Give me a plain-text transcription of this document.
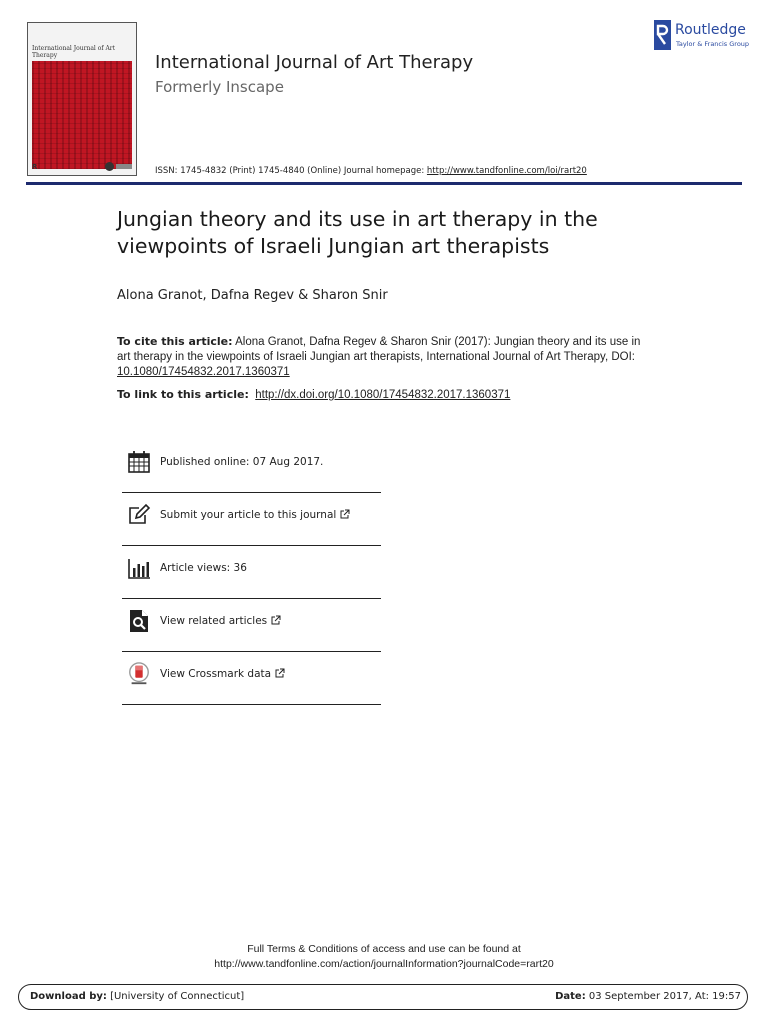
International Journal of Art Therapy
R
International Journal of Art Therapy
Formerly Inscape
ISSN: 1745-4832 (Print) 1745-4840 (Online) Journal homepage: http://www.tandfonline.com/loi/rart20
Routledge
Taylor & Francis Group
Jungian theory and its use in art therapy in the viewpoints of Israeli Jungian art therapists
Alona Granot, Dafna Regev & Sharon Snir
To cite this article: Alona Granot, Dafna Regev & Sharon Snir (2017): Jungian theory and its use in art therapy in the viewpoints of Israeli Jungian art therapists, International Journal of Art Therapy, DOI: 10.1080/17454832.2017.1360371
To link to this article: http://dx.doi.org/10.1080/17454832.2017.1360371
Published online: 07 Aug 2017.
Submit your article to this journal
Article views: 36
View related articles
View Crossmark data
Full Terms & Conditions of access and use can be found at
http://www.tandfonline.com/action/journalInformation?journalCode=rart20
Download by: [University of Connecticut]	Date: 03 September 2017, At: 19:57
